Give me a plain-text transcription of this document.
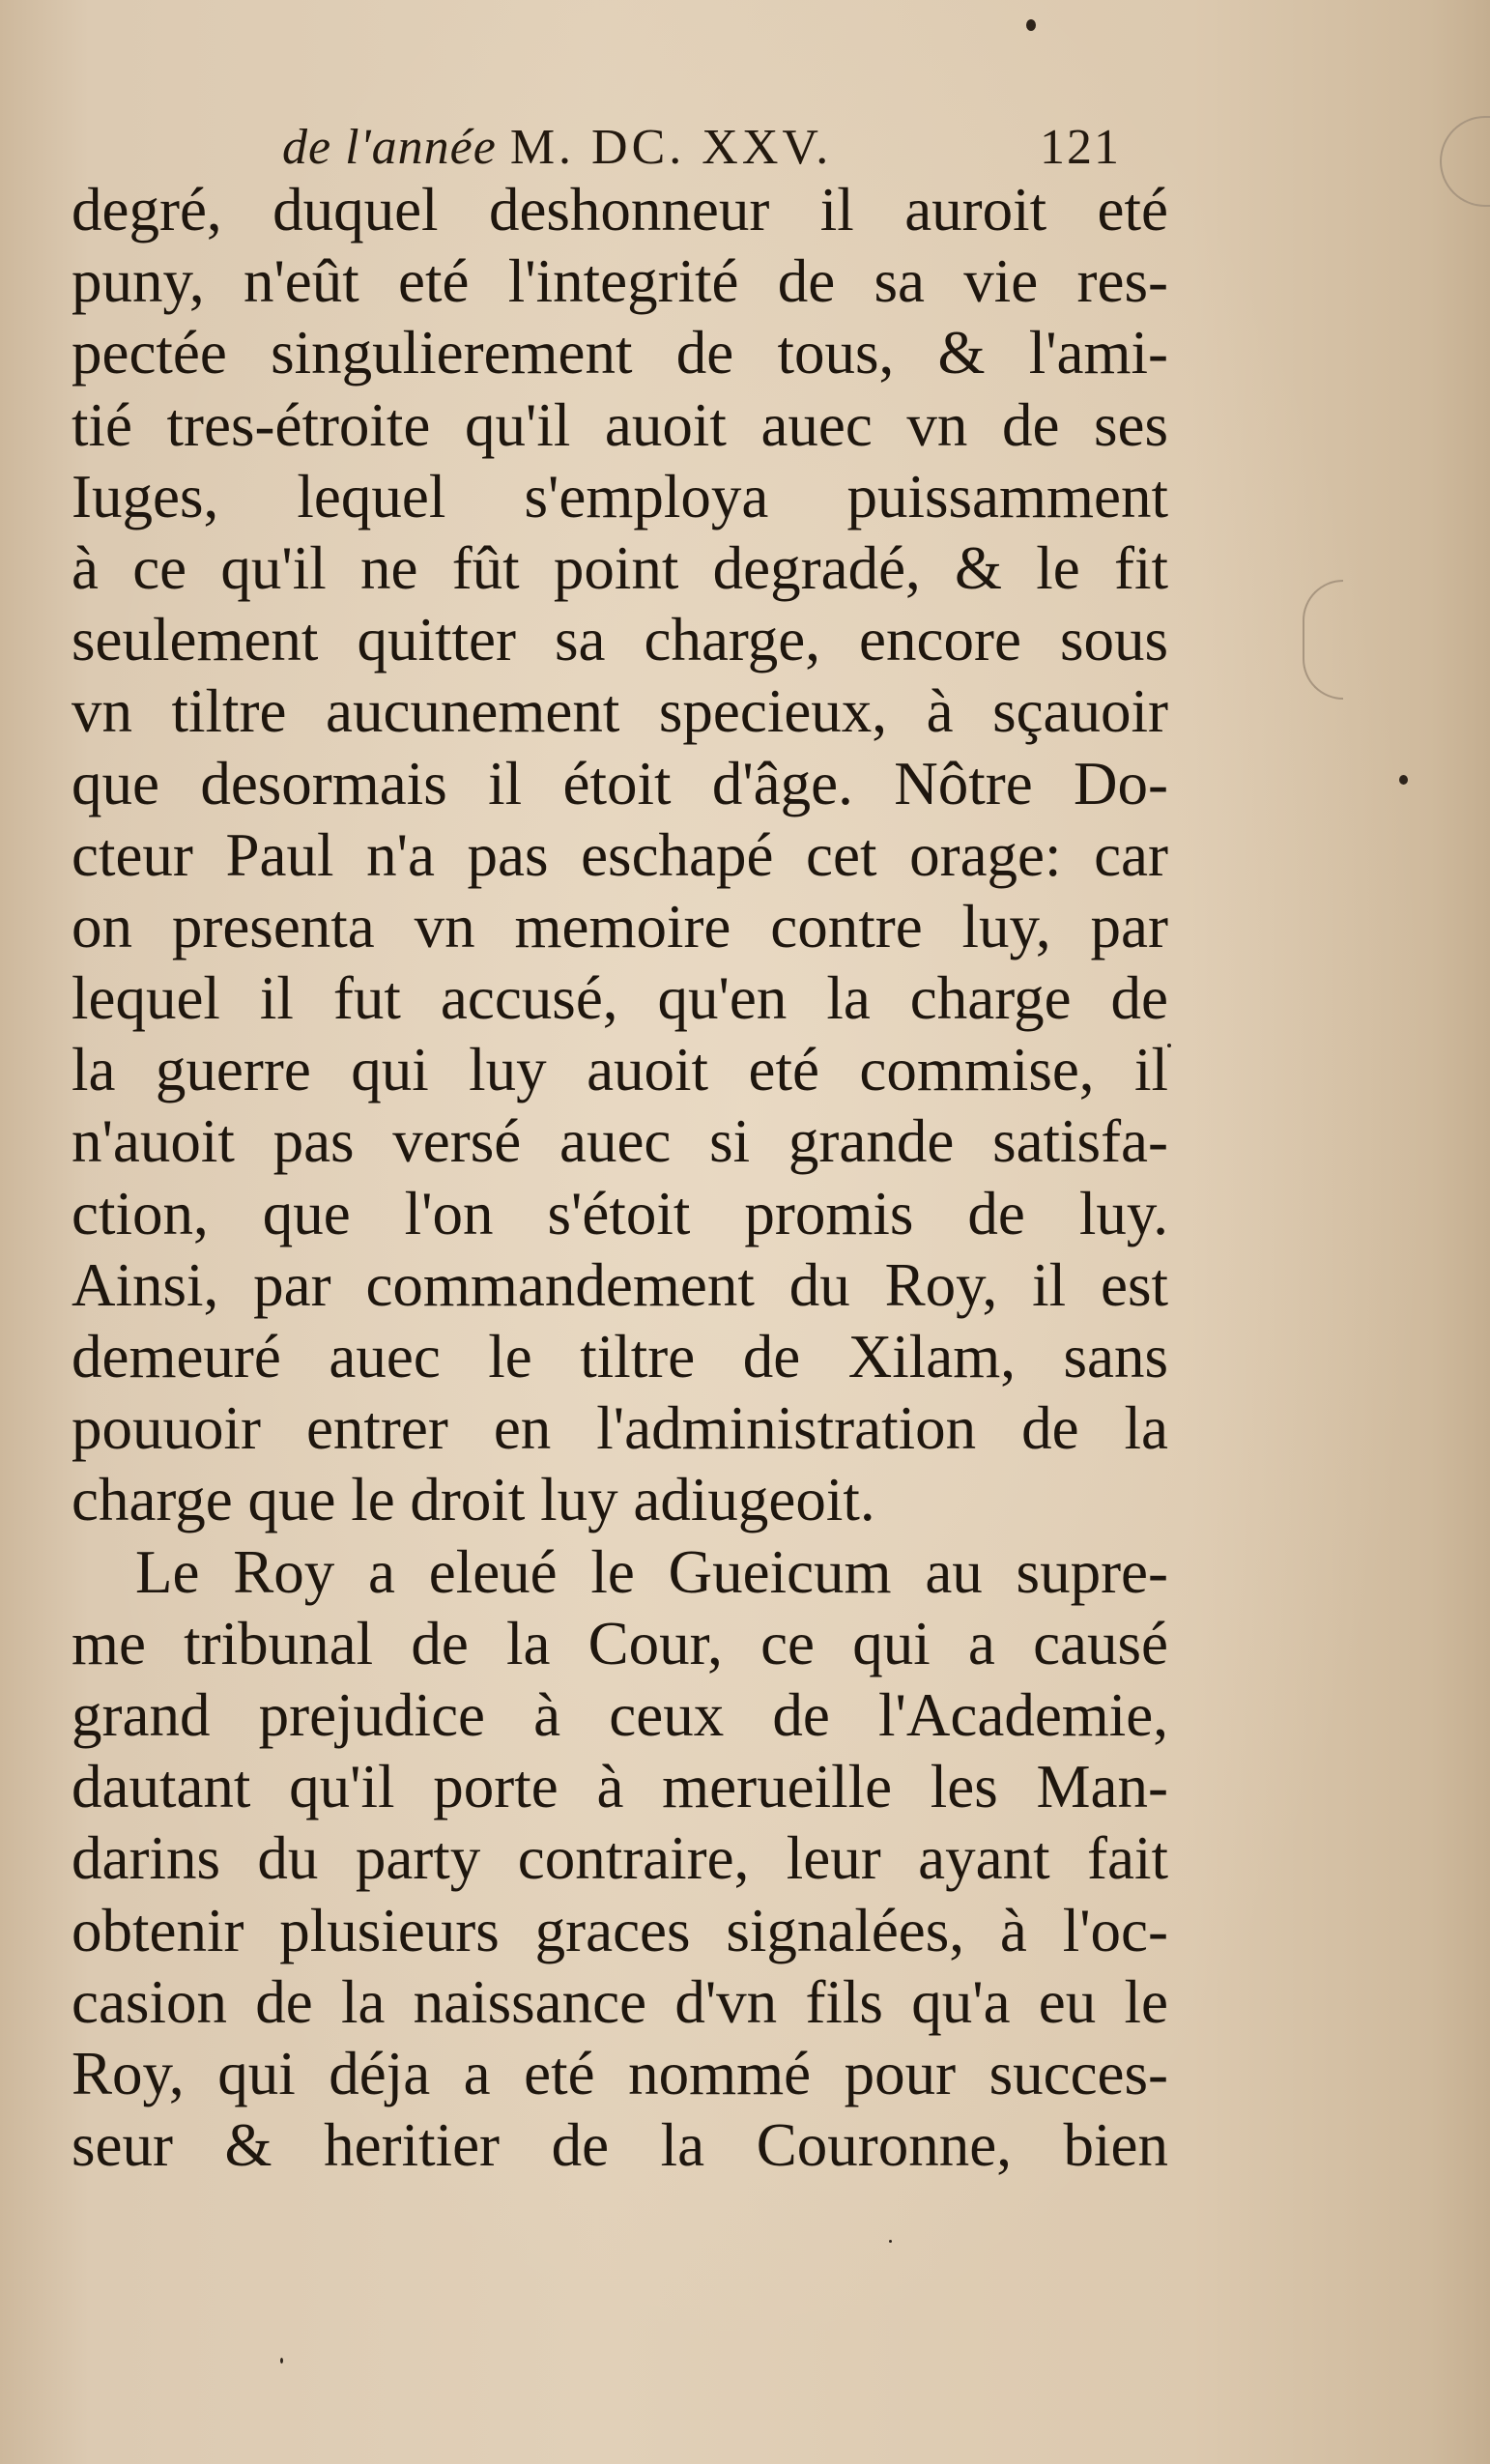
de l'année M. DC. XXV.	121
degré, duquel deshonneur il auroit eté
puny, n'eût eté l'integrité de sa vie res-
pectée singulierement de tous, & l'ami-
tié tres-étroite qu'il auoit auec vn de ses
Iuges, lequel s'employa puissamment
à ce qu'il ne fût point degradé, & le fit
seulement quitter sa charge, encore sous
vn tiltre aucunement specieux, à sçauoir
que desormais il étoit d'âge. Nôtre Do-
cteur Paul n'a pas eschapé cet orage: car
on presenta vn memoire contre luy, par
lequel il fut accusé, qu'en la charge de
la guerre qui luy auoit eté commise, il
n'auoit pas versé auec si grande satisfa-
ction, que l'on s'étoit promis de luy.
Ainsi, par commandement du Roy, il est
demeuré auec le tiltre de Xilam, sans
pouuoir entrer en l'administration de la
charge que le droit luy adiugeoit.
Le Roy a eleué le Gueicum au supre-
me tribunal de la Cour, ce qui a causé
grand prejudice à ceux de l'Academie,
dautant qu'il porte à merueille les Man-
darins du party contraire, leur ayant fait
obtenir plusieurs graces signalées, à l'oc-
casion de la naissance d'vn fils qu'a eu le
Roy, qui déja a eté nommé pour succes-
seur & heritier de la Couronne, bien
